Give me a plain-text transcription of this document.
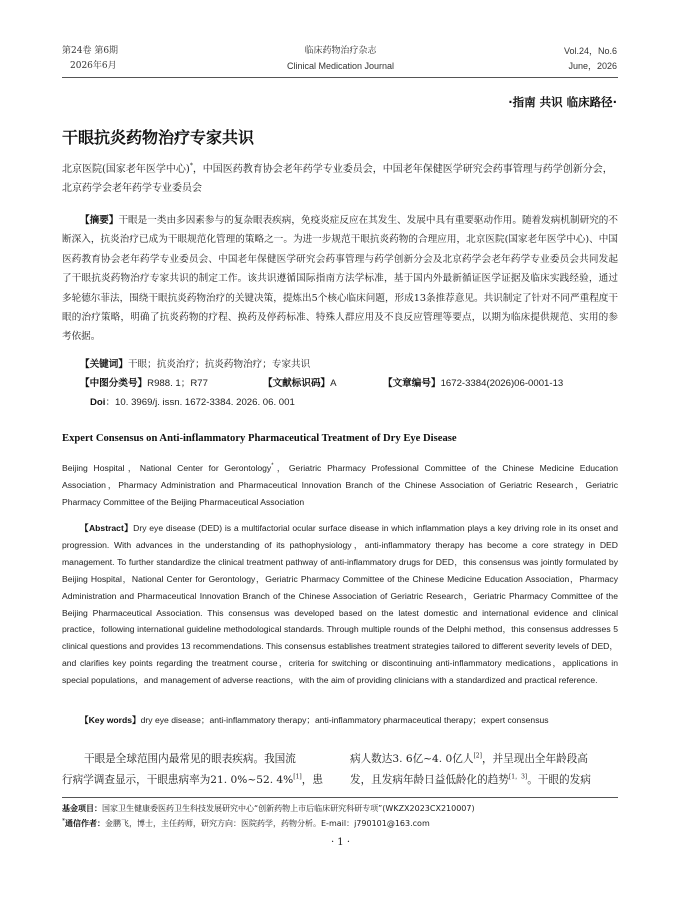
第24卷 第6期
2026年6月
临床药物治疗杂志
Clinical Medication Journal
Vol.24，No.6
June，2026
·指南 共识 临床路径·
干眼抗炎药物治疗专家共识
北京医院(国家老年医学中心)*，中国医药教育协会老年药学专业委员会，中国老年保健医学研究会药事管理与药学创新分会，北京药学会老年药学专业委员会
【摘要】干眼是一类由多因素参与的复杂眼表疾病，免疫炎症反应在其发生、发展中具有重要驱动作用。随着发病机制研究的不断深入，抗炎治疗已成为干眼规范化管理的策略之一。为进一步规范干眼抗炎药物的合理应用，北京医院(国家老年医学中心)、中国医药教育协会老年药学专业委员会、中国老年保健医学研究会药事管理与药学创新分会及北京药学会老年药学专业委员会共同发起了干眼抗炎药物治疗专家共识的制定工作。该共识遵循国际指南方法学标准，基于国内外最新循证医学证据及临床实践经验，通过多轮德尔菲法，围绕干眼抗炎药物治疗的关键决策，提炼出5个核心临床问题，形成13条推荐意见。共识制定了针对不同严重程度干眼的治疗策略，明确了抗炎药物的疗程、换药及停药标准、特殊人群应用及不良反应管理等要点，以期为临床提供规范、实用的参考依据。
【关键词】干眼；抗炎治疗；抗炎药物治疗；专家共识
【中图分类号】R988. 1；R77	【文献标识码】A	【文章编号】1672-3384(2026)06-0001-13
Doi：10. 3969/j. issn. 1672-3384. 2026. 06. 001
Expert Consensus on Anti-inflammatory Pharmaceutical Treatment of Dry Eye Disease
Beijing Hospital，National Center for Gerontology*，Geriatric Pharmacy Professional Committee of the Chinese Medicine Education Association，Pharmacy Administration and Pharmaceutical Innovation Branch of the Chinese Association of Geriatric Research，Geriatric Pharmacy Committee of the Beijing Pharmaceutical Association
【Abstract】Dry eye disease (DED) is a multifactorial ocular surface disease in which inflammation plays a key driving role in its onset and progression. With advances in the understanding of its pathophysiology，anti-inflammatory therapy has become a core strategy in DED management. To further standardize the clinical treatment pathway of anti-inflammatory drugs for DED，this consensus was jointly formulated by Beijing Hospital，National Center for Gerontology，Geriatric Pharmacy Committee of the Chinese Medicine Education Association，Pharmacy Administration and Pharmaceutical Innovation Branch of the Chinese Association of Geriatric Research，Geriatric Pharmacy Committee of the Beijing Pharmaceutical Association. This consensus was developed based on the latest domestic and international evidence and clinical practice，following international guideline methodological standards. Through multiple rounds of the Delphi method，this consensus addresses 5 clinical questions and provides 13 recommendations. This consensus establishes treatment strategies tailored to different severity levels of DED，and clarifies key points regarding the treatment course，criteria for switching or discontinuing anti-inflammatory medications，applications in special populations，and management of adverse reactions，with the aim of providing clinicians with a standardized and practical reference.
【Key words】dry eye disease；anti-inflammatory therapy；anti-inflammatory pharmaceutical therapy；expert consensus
干眼是全球范围内最常见的眼表疾病。我国流
行病学调查显示，干眼患病率为21. 0%~52. 4%[1]，患
病人数达3. 6亿~4. 0亿人[2]，并呈现出全年龄段高
发，且发病年龄日益低龄化的趋势[1，3]。干眼的发病
基金项目：国家卫生健康委医药卫生科技发展研究中心“创新药物上市后临床研究科研专项”(WKZX2023CX210007)
*通信作者：金鹏飞，博士，主任药师，研究方向：医院药学，药物分析。E-mail：j790101@163.com
· 1 ·
